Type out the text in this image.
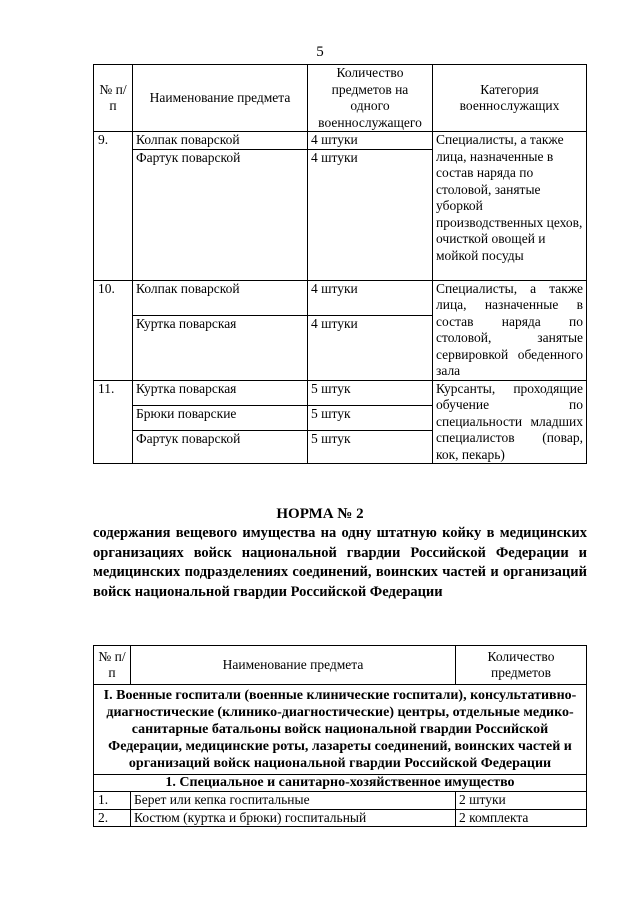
5
№ п/п	Наименование предмета	Количество предметов на одного военнослужащего	Категория военнослужащих
9.	Колпак поварской	4 штуки	Специалисты, а также лица, назначенные в состав наряда по столовой, занятые уборкой производственных цехов, очисткой овощей и мойкой посуды
	Фартук поварской	4 штуки	
10.	Колпак поварской	4 штуки	Специалисты, а также лица, назначенные в состав наряда по столовой, занятые сервировкой обеденного зала
	Куртка поварская	4 штуки	
11.	Куртка поварская	5 штук	Курсанты, проходящие обучение по специальности младших специалистов (повар, кок, пекарь)
	Брюки поварские	5 штук	
	Фартук поварской	5 штук	
НОРМА № 2
содержания вещевого имущества на одну штатную койку в медицинских организациях войск национальной гвардии Российской Федерации и медицинских подразделениях соединений, воинских частей и организаций войск национальной гвардии Российской Федерации
№ п/п	Наименование предмета	Количество предметов
I. Военные госпитали (военные клинические госпитали), консультативно-диагностические (клинико-диагностические) центры, отдельные медико-санитарные батальоны войск национальной гвардии Российской Федерации, медицинские роты, лазареты соединений, воинских частей и организаций войск национальной гвардии Российской Федерации		
1. Специальное и санитарно-хозяйственное имущество		
1.	Берет или кепка госпитальные	2 штуки
2.	Костюм (куртка и брюки) госпитальный	2 комплекта
